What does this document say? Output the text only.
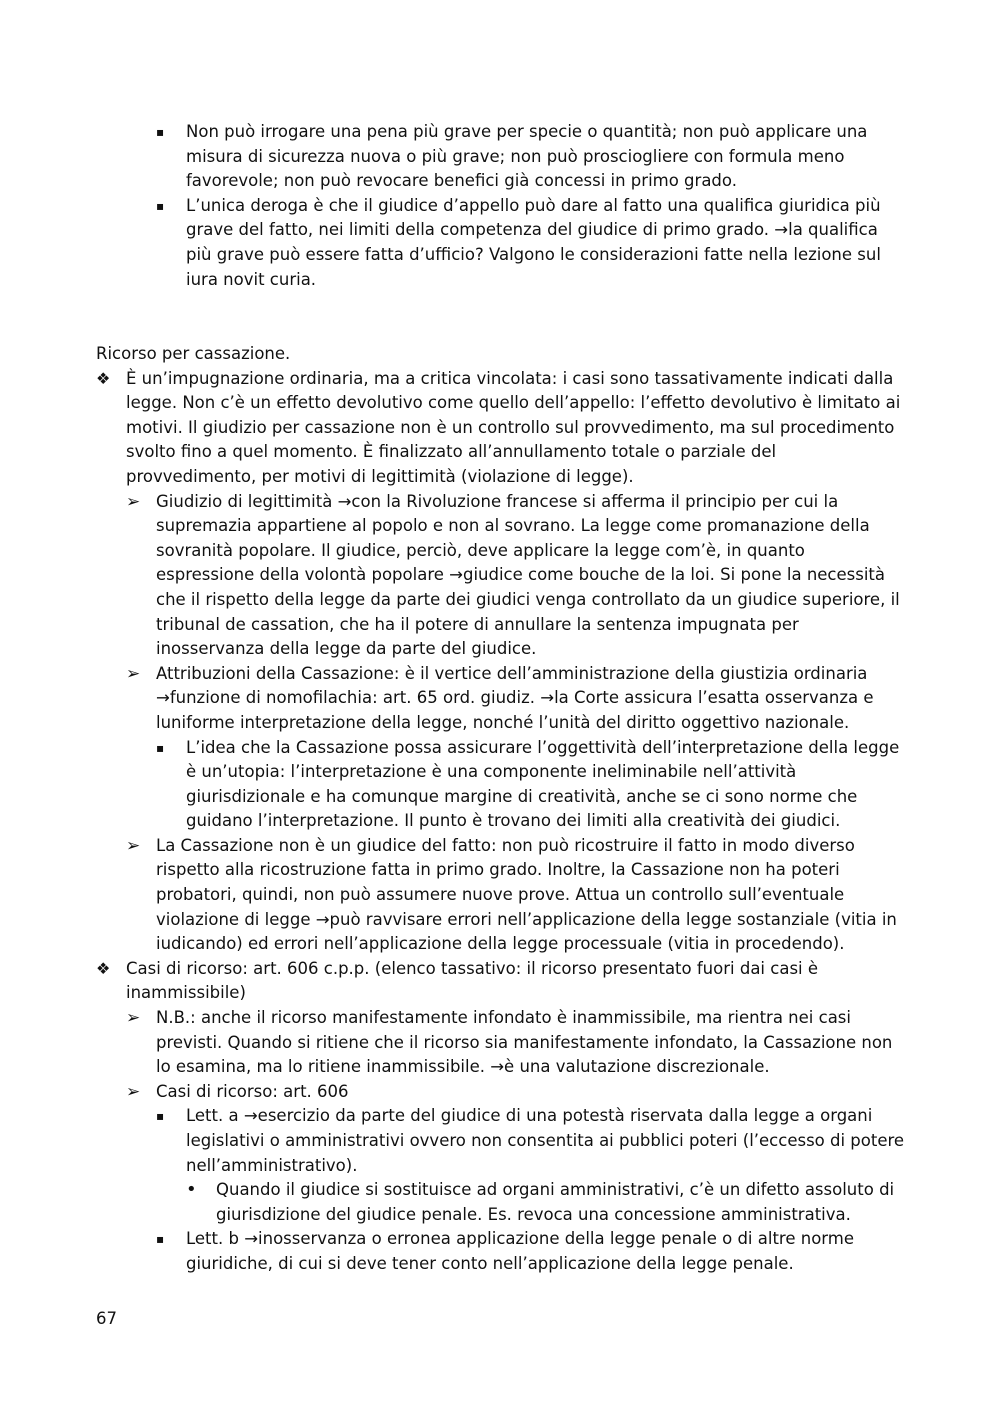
▪	Non può irrogare una pena più grave per specie o quantità; non può applicare una misura di sicurezza nuova o più grave; non può prosciogliere con formula meno favorevole; non può revocare benefici già concessi in primo grado.
▪	L’unica deroga è che il giudice d’appello può dare al fatto una qualifica giuridica più grave del fatto, nei limiti della competenza del giudice di primo grado. →la qualifica più grave può essere fatta d’ufficio? Valgono le considerazioni fatte nella lezione sul iura novit curia.
Ricorso per cassazione.
❖ È un’impugnazione ordinaria, ma a critica vincolata: i casi sono tassativamente indicati dalla legge. Non c’è un effetto devolutivo come quello dell’appello: l’effetto devolutivo è limitato ai motivi. Il giudizio per cassazione non è un controllo sul provvedimento, ma sul procedimento svolto fino a quel momento. È finalizzato all’annullamento totale o parziale del provvedimento, per motivi di legittimità (violazione di legge).
➢ Giudizio di legittimità →con la Rivoluzione francese si afferma il principio per cui la supremazia appartiene al popolo e non al sovrano. La legge come promanazione della sovranità popolare. Il giudice, perciò, deve applicare la legge com’è, in quanto espressione della volontà popolare →giudice come bouche de la loi. Si pone la necessità che il rispetto della legge da parte dei giudici venga controllato da un giudice superiore, il tribunal de cassation, che ha il potere di annullare la sentenza impugnata per inosservanza della legge da parte del giudice.
➢ Attribuzioni della Cassazione: è il vertice dell’amministrazione della giustizia ordinaria →funzione di nomofilachia: art. 65 ord. giudiz. →la Corte assicura l’esatta osservanza e luniforme interpretazione della legge, nonché l’unità del diritto oggettivo nazionale.
▪	L’idea che la Cassazione possa assicurare l’oggettività dell’interpretazione della legge è un’utopia: l’interpretazione è una componente ineliminabile nell’attività giurisdizionale e ha comunque margine di creatività, anche se ci sono norme che guidano l’interpretazione. Il punto è trovano dei limiti alla creatività dei giudici.
➢ La Cassazione non è un giudice del fatto: non può ricostruire il fatto in modo diverso rispetto alla ricostruzione fatta in primo grado. Inoltre, la Cassazione non ha poteri probatori, quindi, non può assumere nuove prove. Attua un controllo sull’eventuale violazione di legge →può ravvisare errori nell’applicazione della legge sostanziale (vitia in iudicando) ed errori nell’applicazione della legge processuale (vitia in procedendo).
❖ Casi di ricorso: art. 606 c.p.p. (elenco tassativo: il ricorso presentato fuori dai casi è inammissibile)
➢ N.B.: anche il ricorso manifestamente infondato è inammissibile, ma rientra nei casi previsti. Quando si ritiene che il ricorso sia manifestamente infondato, la Cassazione non lo esamina, ma lo ritiene inammissibile. →è una valutazione discrezionale.
➢ Casi di ricorso: art. 606
▪	Lett. a →esercizio da parte del giudice di una potestà riservata dalla legge a organi legislativi o amministrativi ovvero non consentita ai pubblici poteri (l’eccesso di potere nell’amministrativo).
•	Quando il giudice si sostituisce ad organi amministrativi, c’è un difetto assoluto di giurisdizione del giudice penale. Es. revoca una concessione amministrativa.
▪	Lett. b →inosservanza o erronea applicazione della legge penale o di altre norme giuridiche, di cui si deve tener conto nell’applicazione della legge penale.
67
